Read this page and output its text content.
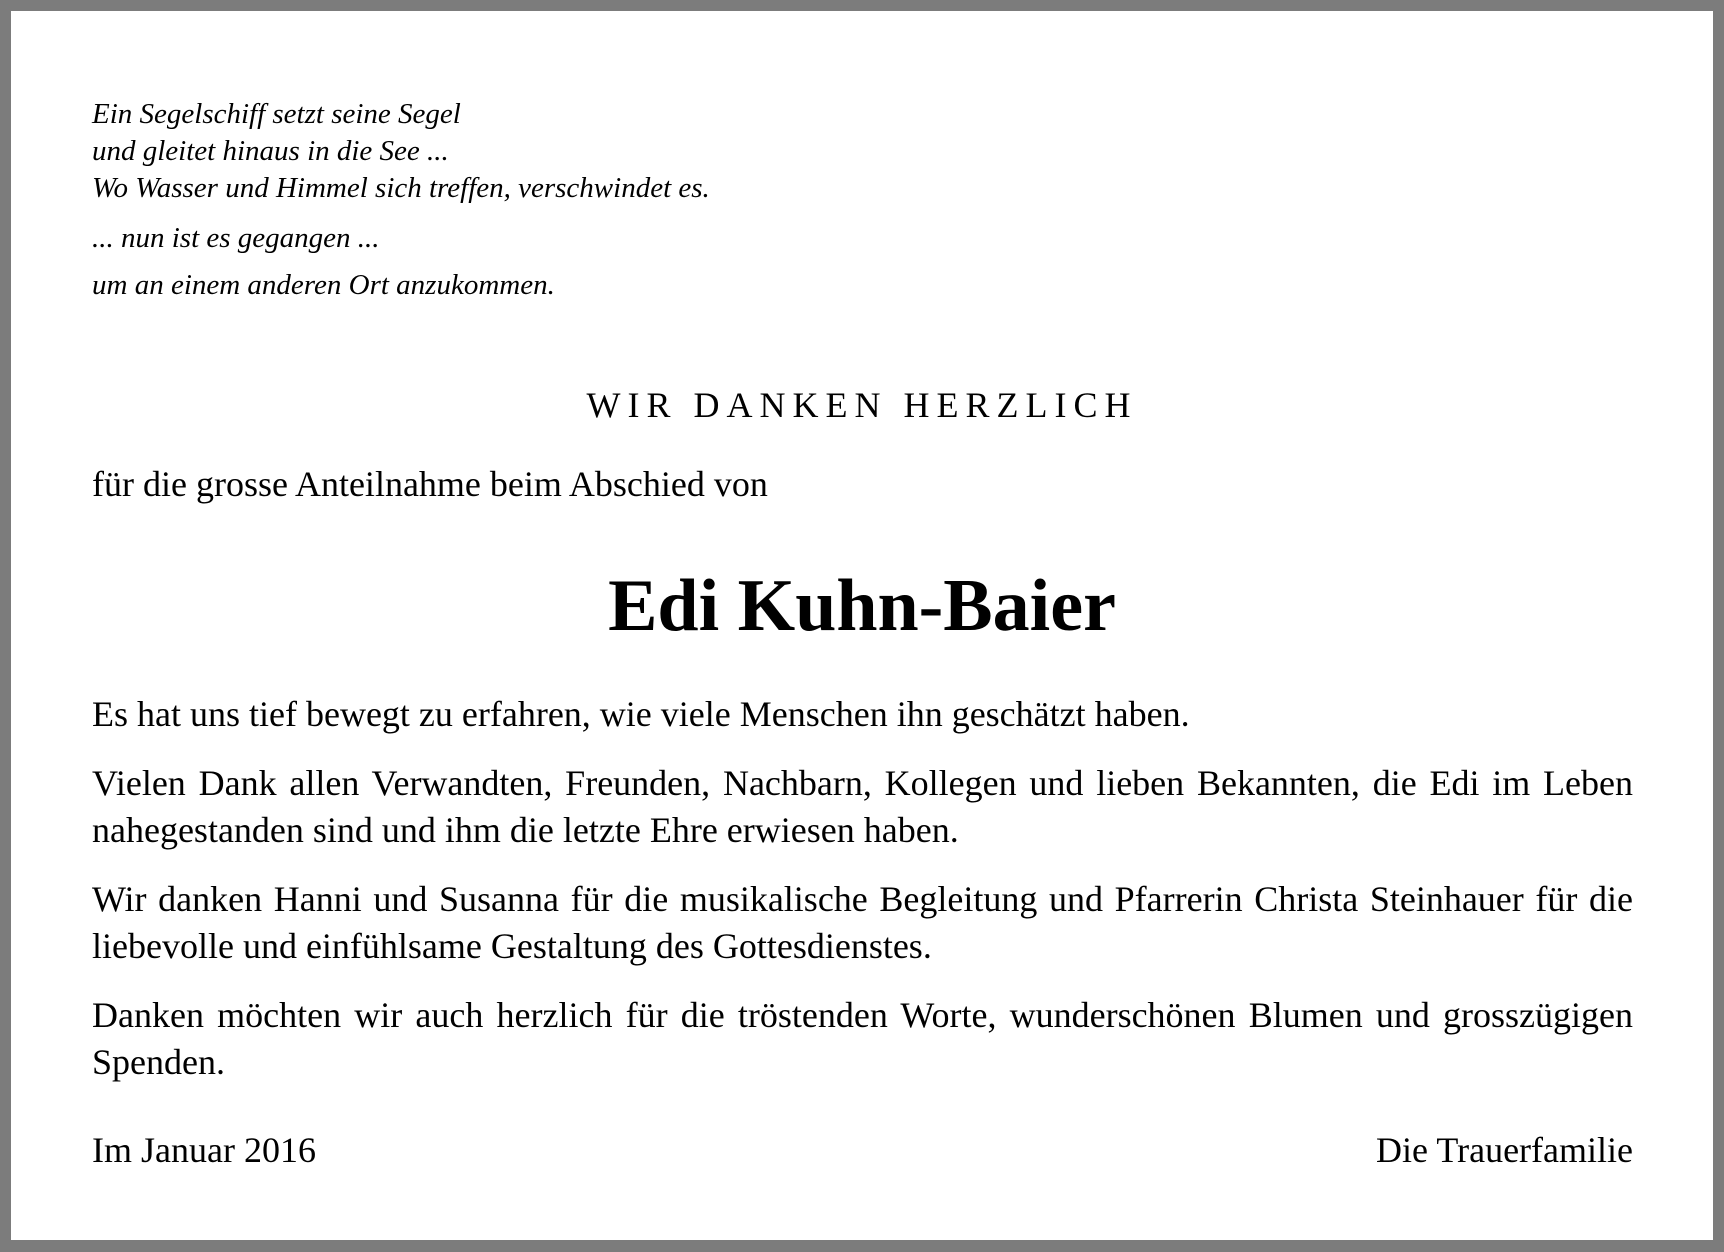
Ein Segelschiff setzt seine Segel
und gleitet hinaus in die See ...
Wo Wasser und Himmel sich treffen, verschwindet es.
... nun ist es gegangen ...
um an einem anderen Ort anzukommen.
WIR DANKEN HERZLICH
für die grosse Anteilnahme beim Abschied von
Edi Kuhn-Baier

Es hat uns tief bewegt zu erfahren, wie viele Menschen ihn geschätzt haben.

Vielen Dank allen Verwandten, Freunden, Nachbarn, Kollegen und lieben Bekannten, die Edi im Leben nahegestanden sind und ihm die letzte Ehre erwiesen haben.

Wir danken Hanni und Susanna für die musikalische Begleitung und Pfarrerin Christa Steinhauer für die liebevolle und einfühlsame Gestaltung des Gottesdienstes.

Danken möchten wir auch herzlich für die tröstenden Worte, wunderschönen Blumen und grosszügigen Spenden.

Im Januar 2016	Die Trauerfamilie
